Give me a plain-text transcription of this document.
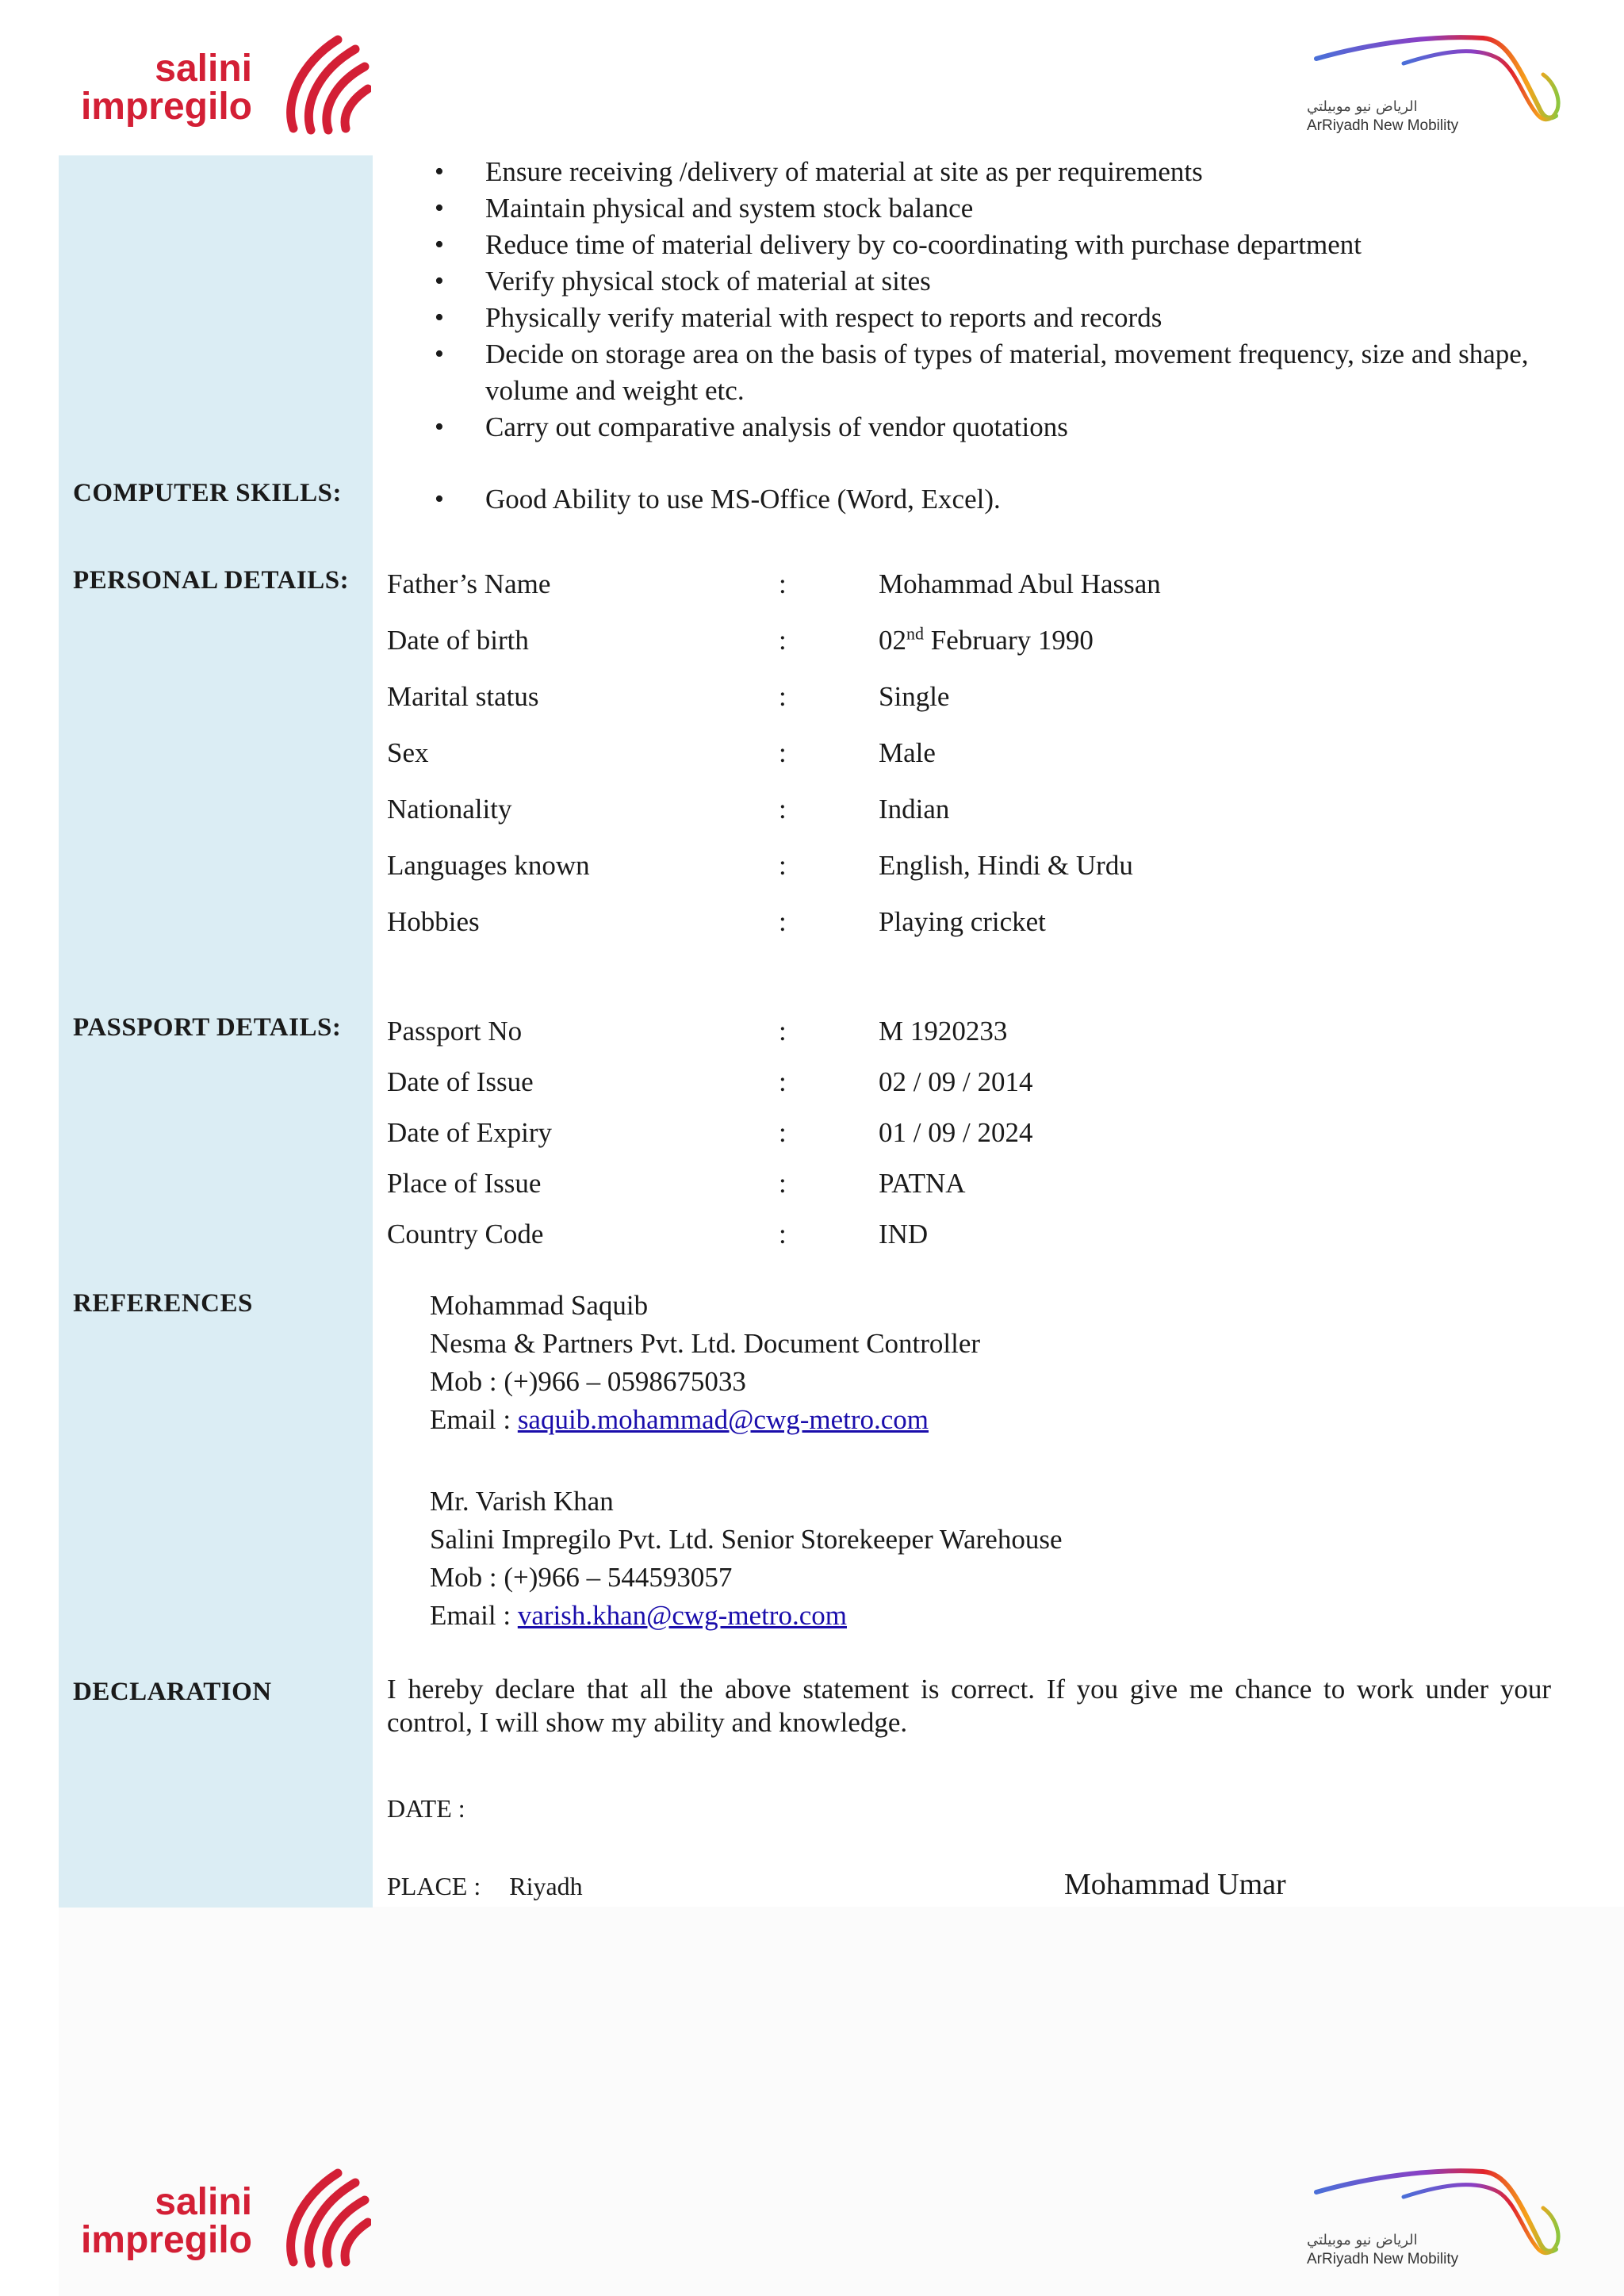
salini
impregilo	الرياض نيو موبيلتي
ArRiyadh New Mobility
• Ensure receiving /delivery of material at site as per requirements
• Maintain physical and system stock balance
• Reduce time of material delivery by co-coordinating with purchase department
• Verify physical stock of material at sites
• Physically verify material with respect to reports and records
• Decide on storage area on the basis of types of material, movement frequency, size and shape, volume and weight etc.
• Carry out comparative analysis of vendor quotations
COMPUTER SKILLS:
•	Good Ability to use MS-Office (Word, Excel).
PERSONAL DETAILS: Father’s Name	:	Mohammad Abul Hassan
Date of birth	:	02nd February 1990
Marital status	:	Single
Sex	:	Male
Nationality	:	Indian
Languages known	:	English, Hindi & Urdu
Hobbies	:	Playing cricket
PASSPORT DETAILS: Passport No	:	M 1920233
Date of Issue	:	02 / 09 / 2014
Date of Expiry	:	01 / 09 / 2024
Place of Issue	:	PATNA
Country Code	:	IND
REFERENCES	Mohammad Saquib
Nesma & Partners Pvt. Ltd. Document Controller
Mob : (+)966 – 0598675033
Email : saquib.mohammad@cwg-metro.com
Mr. Varish Khan
Salini Impregilo Pvt. Ltd. Senior Storekeeper Warehouse
Mob : (+)966 – 544593057
Email : varish.khan@cwg-metro.com
DECLARATION	I hereby declare that all the above statement is correct. If you give me chance to work under your control, I will show my ability and knowledge.
DATE :
PLACE : Riyadh	Mohammad Umar
salini
impregilo	الرياض نيو موبيلتي
ArRiyadh New Mobility
